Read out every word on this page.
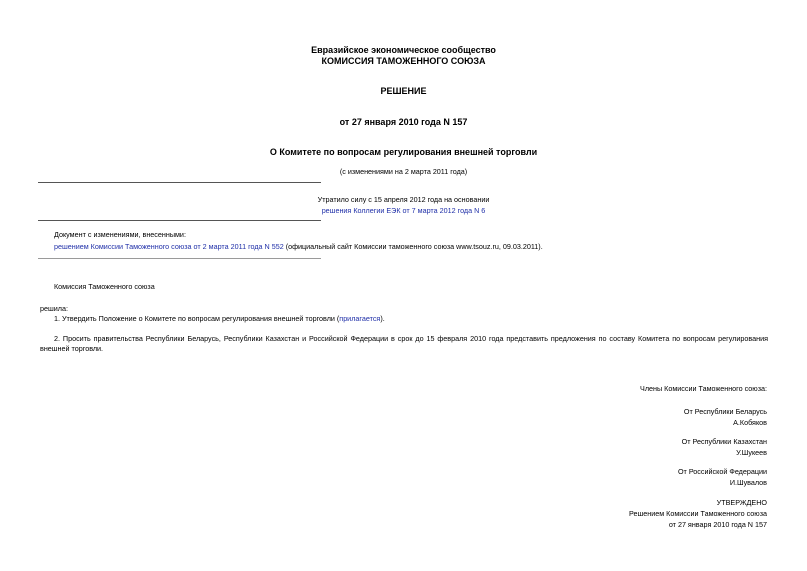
Евразийское экономическое сообщество
КОМИССИЯ ТАМОЖЕННОГО СОЮЗА
РЕШЕНИЕ
от 27 января 2010 года N 157
О Комитете по вопросам регулирования внешней торговли
(с изменениями на 2 марта 2011 года)
Утратило силу с 15 апреля 2012 года на основании
решения Коллегии ЕЭК от 7 марта 2012 года N 6
Документ с изменениями, внесенными:
решением Комиссии Таможенного союза от 2 марта 2011 года N 552 (официальный сайт Комиссии таможенного союза www.tsouz.ru, 09.03.2011).
Комиссия Таможенного союза
решила:
1. Утвердить Положение о Комитете по вопросам регулирования внешней торговли (прилагается).
2. Просить правительства Республики Беларусь, Республики Казахстан и Российской Федерации в срок до 15 февраля 2010 года представить предложения по составу Комитета по вопросам регулирования внешней торговли.
Члены Комиссии Таможенного союза:
От Республики Беларусь
А.Кобяков
От Республики Казахстан
У.Шукеев
От Российской Федерации
И.Шувалов
УТВЕРЖДЕНО
Решением Комиссии Таможенного союза
от 27 января 2010 года N 157
